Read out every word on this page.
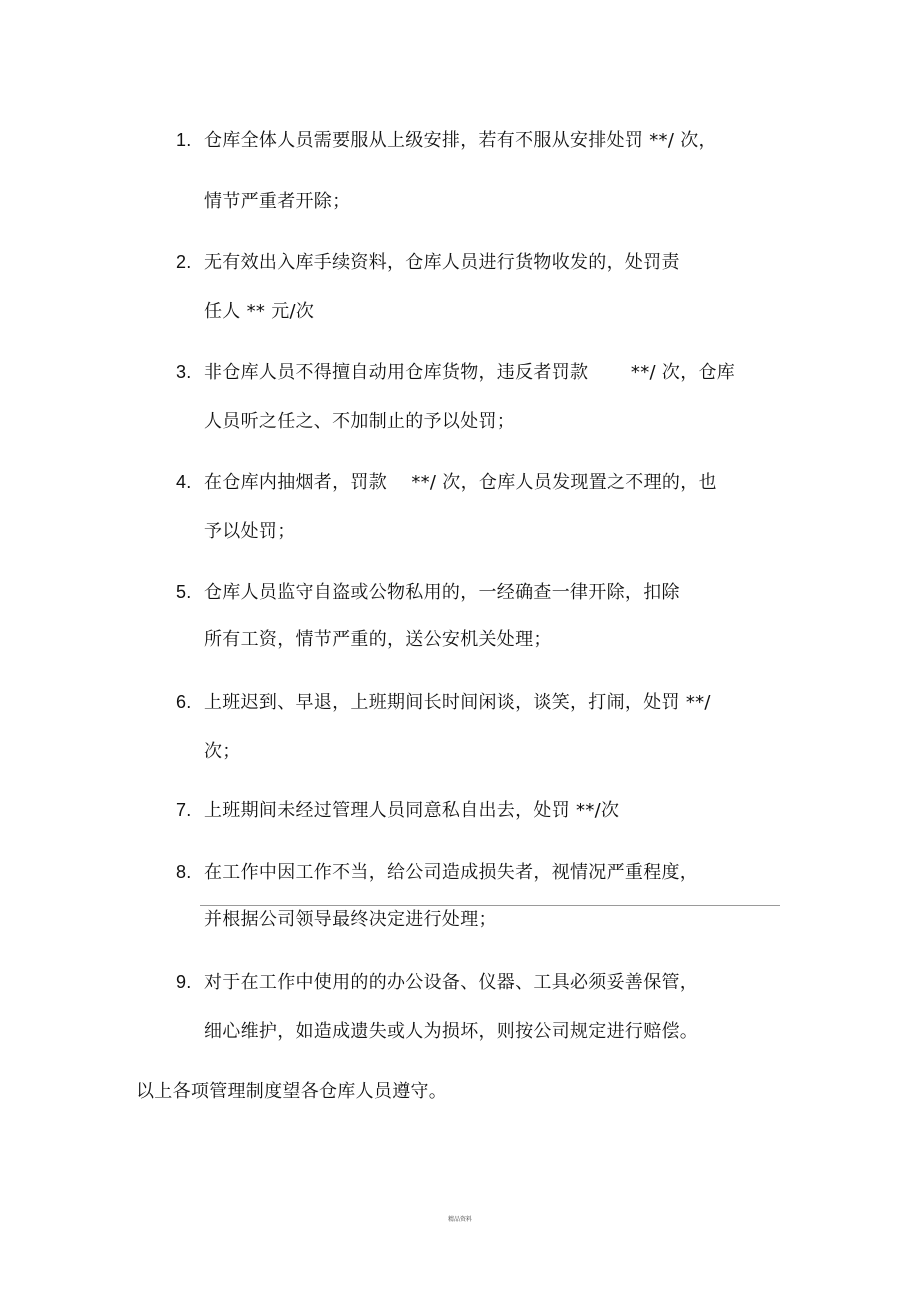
1. 仓库全体人员需要服从上级安排，若有不服从安排处罚 **/ 次，
情节严重者开除；
2. 无有效出入库手续资料，仓库人员进行货物收发的，处罚责
任人 ** 元/次
3. 非仓库人员不得擅自动用仓库货物，违反者罚款 　　**/ 次，仓库
人员听之任之、不加制止的予以处罚；
4. 在仓库内抽烟者，罚款 　**/ 次，仓库人员发现置之不理的，也
予以处罚；
5. 仓库人员监守自盗或公物私用的，一经确查一律开除，扣除
所有工资，情节严重的，送公安机关处理；
6. 上班迟到、早退，上班期间长时间闲谈，谈笑，打闹，处罚 **/
次；
7. 上班期间未经过管理人员同意私自出去，处罚 **/次
8. 在工作中因工作不当，给公司造成损失者，视情况严重程度，
并根据公司领导最终决定进行处理；
9. 对于在工作中使用的的办公设备、仪器、工具必须妥善保管，
细心维护，如造成遗失或人为损坏，则按公司规定进行赔偿。
以上各项管理制度望各仓库人员遵守。
精品资料
